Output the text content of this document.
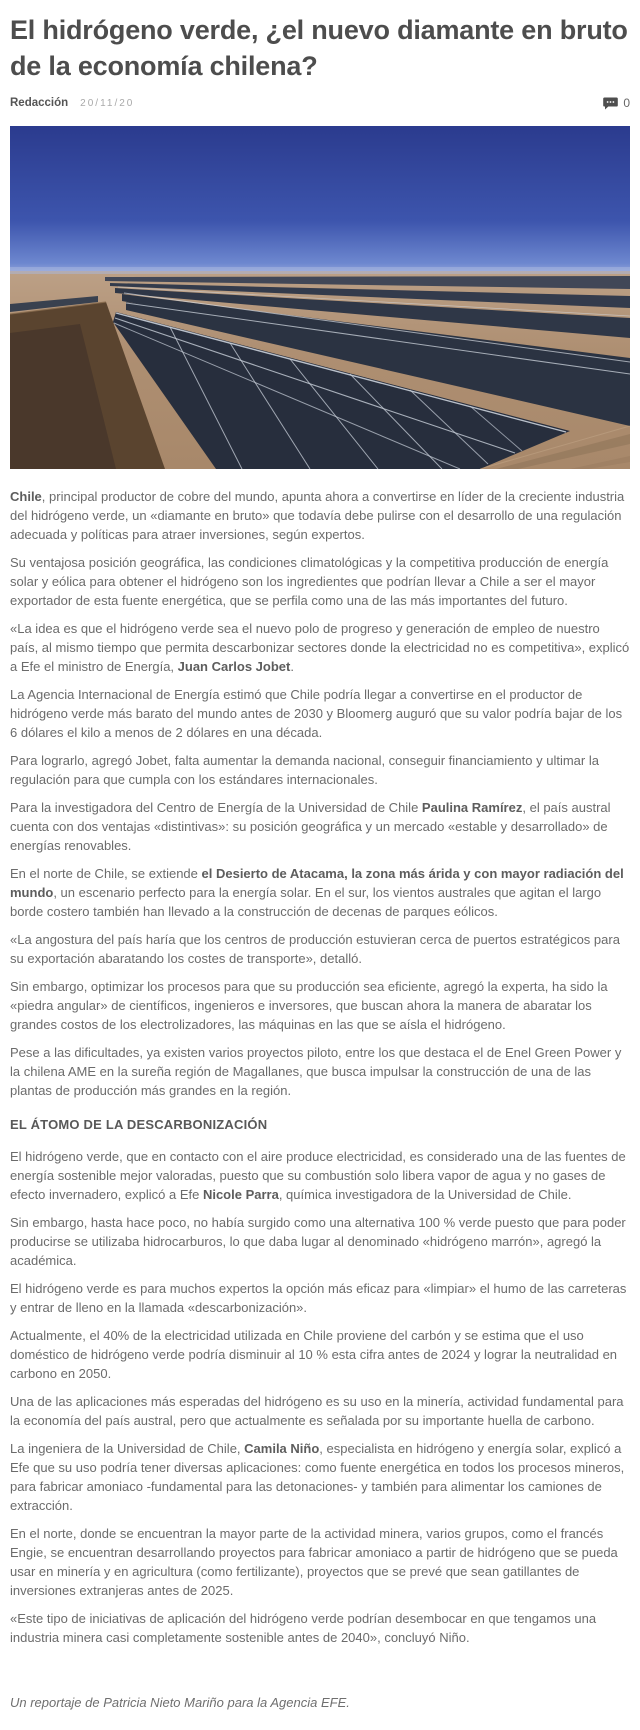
El hidrógeno verde, ¿el nuevo diamante en bruto de la economía chilena?
Redacción 20/11/20	0

Chile, principal productor de cobre del mundo, apunta ahora a convertirse en líder de la creciente industria del hidrógeno verde, un «diamante en bruto» que todavía debe pulirse con el desarrollo de una regulación adecuada y políticas para atraer inversiones, según expertos.

Su ventajosa posición geográfica, las condiciones climatológicas y la competitiva producción de energía solar y eólica para obtener el hidrógeno son los ingredientes que podrían llevar a Chile a ser el mayor exportador de esta fuente energética, que se perfila como una de las más importantes del futuro.

«La idea es que el hidrógeno verde sea el nuevo polo de progreso y generación de empleo de nuestro país, al mismo tiempo que permita descarbonizar sectores donde la electricidad no es competitiva», explicó a Efe el ministro de Energía, Juan Carlos Jobet.

La Agencia Internacional de Energía estimó que Chile podría llegar a convertirse en el productor de hidrógeno verde más barato del mundo antes de 2030 y Bloomerg auguró que su valor podría bajar de los 6 dólares el kilo a menos de 2 dólares en una década.

Para lograrlo, agregó Jobet, falta aumentar la demanda nacional, conseguir financiamiento y ultimar la regulación para que cumpla con los estándares internacionales.

Para la investigadora del Centro de Energía de la Universidad de Chile Paulina Ramírez, el país austral cuenta con dos ventajas «distintivas»: su posición geográfica y un mercado «estable y desarrollado» de energías renovables.

En el norte de Chile, se extiende el Desierto de Atacama, la zona más árida y con mayor radiación del mundo, un escenario perfecto para la energía solar. En el sur, los vientos australes que agitan el largo borde costero también han llevado a la construcción de decenas de parques eólicos.

«La angostura del país haría que los centros de producción estuvieran cerca de puertos estratégicos para su exportación abaratando los costes de transporte», detalló.

Sin embargo, optimizar los procesos para que su producción sea eficiente, agregó la experta, ha sido la «piedra angular» de científicos, ingenieros e inversores, que buscan ahora la manera de abaratar los grandes costos de los electrolizadores, las máquinas en las que se aísla el hidrógeno.

Pese a las dificultades, ya existen varios proyectos piloto, entre los que destaca el de Enel Green Power y la chilena AME en la sureña región de Magallanes, que busca impulsar la construcción de una de las plantas de producción más grandes en la región.

EL ÁTOMO DE LA DESCARBONIZACIÓN

El hidrógeno verde, que en contacto con el aire produce electricidad, es considerado una de las fuentes de energía sostenible mejor valoradas, puesto que su combustión solo libera vapor de agua y no gases de efecto invernadero, explicó a Efe Nicole Parra, química investigadora de la Universidad de Chile.

Sin embargo, hasta hace poco, no había surgido como una alternativa 100 % verde puesto que para poder producirse se utilizaba hidrocarburos, lo que daba lugar al denominado «hidrógeno marrón», agregó la académica.

El hidrógeno verde es para muchos expertos la opción más eficaz para «limpiar» el humo de las carreteras y entrar de lleno en la llamada «descarbonización».

Actualmente, el 40% de la electricidad utilizada en Chile proviene del carbón y se estima que el uso doméstico de hidrógeno verde podría disminuir al 10 % esta cifra antes de 2024 y lograr la neutralidad en carbono en 2050.

Una de las aplicaciones más esperadas del hidrógeno es su uso en la minería, actividad fundamental para la economía del país austral, pero que actualmente es señalada por su importante huella de carbono.

La ingeniera de la Universidad de Chile, Camila Niño, especialista en hidrógeno y energía solar, explicó a Efe que su uso podría tener diversas aplicaciones: como fuente energética en todos los procesos mineros, para fabricar amoniaco -fundamental para las detonaciones- y también para alimentar los camiones de extracción.

En el norte, donde se encuentran la mayor parte de la actividad minera, varios grupos, como el francés Engie, se encuentran desarrollando proyectos para fabricar amoniaco a partir de hidrógeno que se pueda usar en minería y en agricultura (como fertilizante), proyectos que se prevé que sean gatillantes de inversiones extranjeras antes de 2025.

«Este tipo de iniciativas de aplicación del hidrógeno verde podrían desembocar en que tengamos una industria minera casi completamente sostenible antes de 2040», concluyó Niño.

Un reportaje de Patricia Nieto Mariño para la Agencia EFE.
